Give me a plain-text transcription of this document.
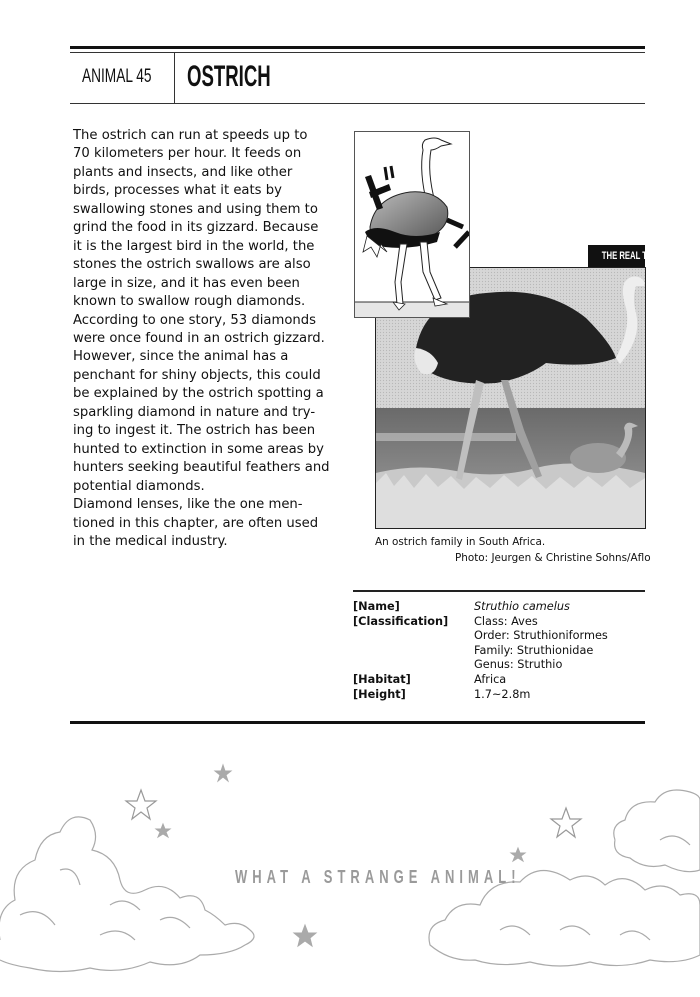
ANIMAL 45 OSTRICH
The ostrich can run at speeds up to
70 kilometers per hour. It feeds on
plants and insects, and like other
birds, processes what it eats by
swallowing stones and using them to
grind the food in its gizzard. Because
it is the largest bird in the world, the
stones the ostrich swallows are also
large in size, and it has even been
known to swallow rough diamonds.
According to one story, 53 diamonds
were once found in an ostrich gizzard.
However, since the animal has a
penchant for shiny objects, this could
be explained by the ostrich spotting a
sparkling diamond in nature and try-
ing to ingest it. The ostrich has been
hunted to extinction in some areas by
hunters seeking beautiful feathers and
potential diamonds.
Diamond lenses, like the one men-
tioned in this chapter, are often used
in the medical industry.
THE REAL THING
An ostrich family in South Africa.
Photo: Jeurgen & Christine Sohns/Aflo
[Name]	Struthio camelus
[Classification]	Class: Aves
Order: Struthioniformes
Family: Struthionidae
Genus: Struthio
[Habitat]	Africa
[Height]	1.7~2.8m
WHAT A STRANGE ANIMAL!
